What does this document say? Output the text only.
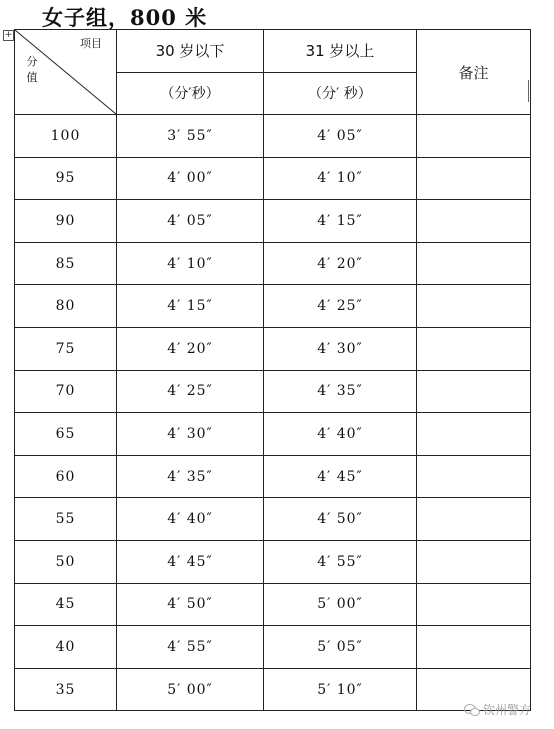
女子组，800 米
+
项目
分值	30 岁以下	31 岁以上	备注
	（分′秒）	（分′ 秒）	
100	3′ 55″	4′ 05″	
95	4′ 00″	4′ 10″	
90	4′ 05″	4′ 15″	
85	4′ 10″	4′ 20″	
80	4′ 15″	4′ 25″	
75	4′ 20″	4′ 30″	
70	4′ 25″	4′ 35″	
65	4′ 30″	4′ 40″	
60	4′ 35″	4′ 45″	
55	4′ 40″	4′ 50″	
50	4′ 45″	4′ 55″	
45	4′ 50″	5′ 00″	
40	4′ 55″	5′ 05″	
35	5′ 00″	5′ 10″	
钦州警方
